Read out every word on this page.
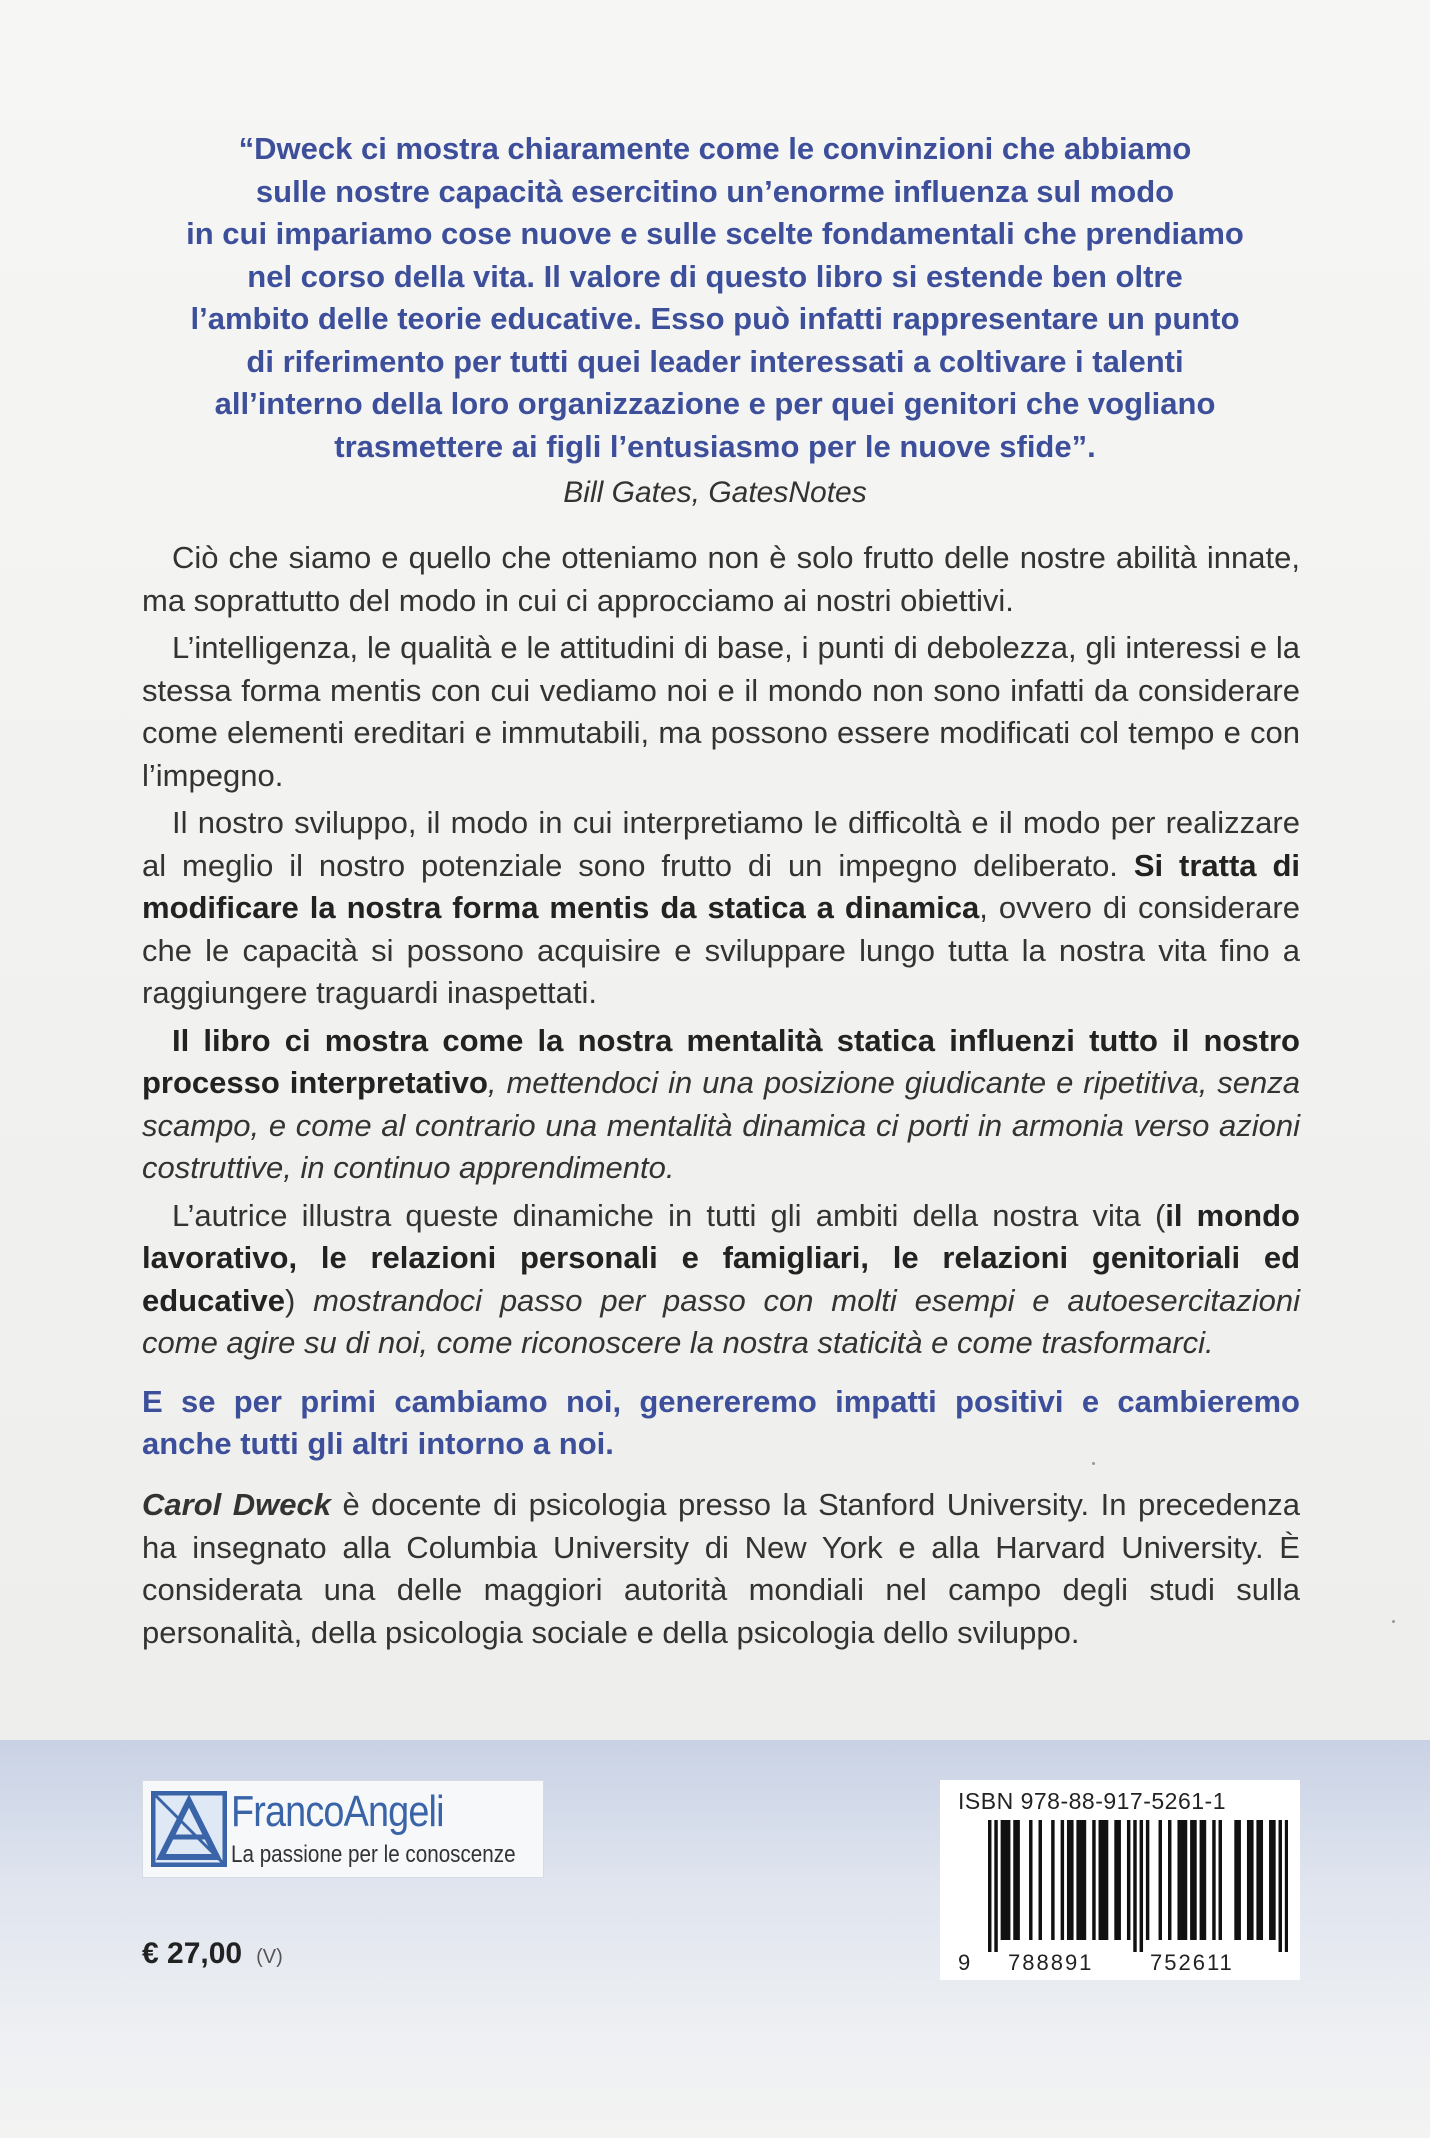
“Dweck ci mostra chiaramente come le convinzioni che abbiamo
sulle nostre capacità esercitino un’enorme influenza sul modo
in cui impariamo cose nuove e sulle scelte fondamentali che prendiamo
nel corso della vita. Il valore di questo libro si estende ben oltre
l’ambito delle teorie educative. Esso può infatti rappresentare un punto
di riferimento per tutti quei leader interessati a coltivare i talenti
all’interno della loro organizzazione e per quei genitori che vogliano
trasmettere ai figli l’entusiasmo per le nuove sfide”.
Bill Gates, GatesNotes

Ciò che siamo e quello che otteniamo non è solo frutto delle nostre abilità innate, ma soprattutto del modo in cui ci approcciamo ai nostri obiettivi.

L’intelligenza, le qualità e le attitudini di base, i punti di debolezza, gli interessi e la stessa forma mentis con cui vediamo noi e il mondo non sono infatti da considerare come elementi ereditari e immutabili, ma possono essere modificati col tempo e con l’impegno.

Il nostro sviluppo, il modo in cui interpretiamo le difficoltà e il modo per realizzare al meglio il nostro potenziale sono frutto di un impegno deliberato. Si tratta di modificare la nostra forma mentis da statica a dinamica, ovvero di considerare che le capacità si possono acquisire e sviluppare lungo tutta la nostra vita fino a raggiungere traguardi inaspettati.

Il libro ci mostra come la nostra mentalità statica influenzi tutto il nostro processo interpretativo, mettendoci in una posizione giudicante e ripetitiva, senza scampo, e come al contrario una mentalità dinamica ci porti in armonia verso azioni costruttive, in continuo apprendimento.

L’autrice illustra queste dinamiche in tutti gli ambiti della nostra vita (il mondo lavorativo, le relazioni personali e famigliari, le relazioni genitoriali ed educative) mostrandoci passo per passo con molti esempi e autoesercitazioni come agire su di noi, come riconoscere la nostra staticità e come trasformarci.

E se per primi cambiamo noi, genereremo impatti positivi e cambieremo anche tutti gli altri intorno a noi.

Carol Dweck è docente di psicologia presso la Stanford University. In precedenza ha insegnato alla Columbia University di New York e alla Harvard University. È considerata una delle maggiori autorità mondiali nel campo degli studi sulla personalità, della psicologia sociale e della psicologia dello sviluppo.

FrancoAngeli
La passione per le conoscenze
€ 27,00 (V)
ISBN 978-88-917-5261-1
9 788891	752611
